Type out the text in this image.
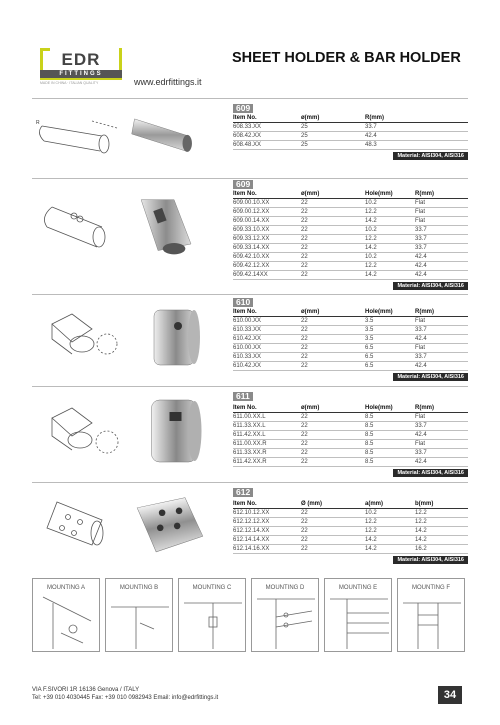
EDR
FITTINGS
MADE IN CHINA · ITALIAN QUALITY
SHEET HOLDER & BAR HOLDER
www.edrfittings.it
R
609
609
610
611
612
Item No.	ø(mm)	R(mm)
608.33.XX	25	33.7
608.42.XX	25	42.4
608.48.XX	25	48.3
Material: AISI304, AISI316
Item No.	ø(mm)	Hole(mm)	R(mm)
609.00.10.XX	22	10.2	Flat
609.00.12.XX	22	12.2	Flat
609.00.14.XX	22	14.2	Flat
609.33.10.XX	22	10.2	33.7
609.33.12.XX	22	12.2	33.7
609.33.14.XX	22	14.2	33.7
609.42.10.XX	22	10.2	42.4
609.42.12.XX	22	12.2	42.4
609.42.14XX	22	14.2	42.4
Material: AISI304, AISI316
Item No.	ø(mm)	Hole(mm)	R(mm)
610.00.XX	22	3.5	Flat
610.33.XX	22	3.5	33.7
610.42.XX	22	3.5	42.4
610.00.XX	22	6.5	Flat
610.33.XX	22	6.5	33.7
610.42.XX	22	6.5	42.4
Material: AISI304, AISI316
Item No.	ø(mm)	Hole(mm)	R(mm)
611.00.XX.L	22	8.5	Flat
611.33.XX.L	22	8.5	33.7
611.42.XX.L	22	8.5	42.4
611.00.XX.R	22	8.5	Flat
611.33.XX.R	22	8.5	33.7
611.42.XX.R	22	8.5	42.4
Material: AISI304, AISI316
Item No.	Ø (mm)	a(mm)	b(mm)
612.10.12.XX	22	10.2	12.2
612.12.12.XX	22	12.2	12.2
612.12.14.XX	22	12.2	14.2
612.14.14.XX	22	14.2	14.2
612.14.16.XX	22	14.2	16.2
Material: AISI304, AISI316
MOUNTING A	MOUNTING B	MOUNTING C	MOUNTING D	MOUNTING E	MOUNTING F
VIA F.SIVORI 1R 16136 Genova / ITALY
Tel: +39 010 4030445 Fax: +39 010 0982943 Email: info@edrfittings.it	34
